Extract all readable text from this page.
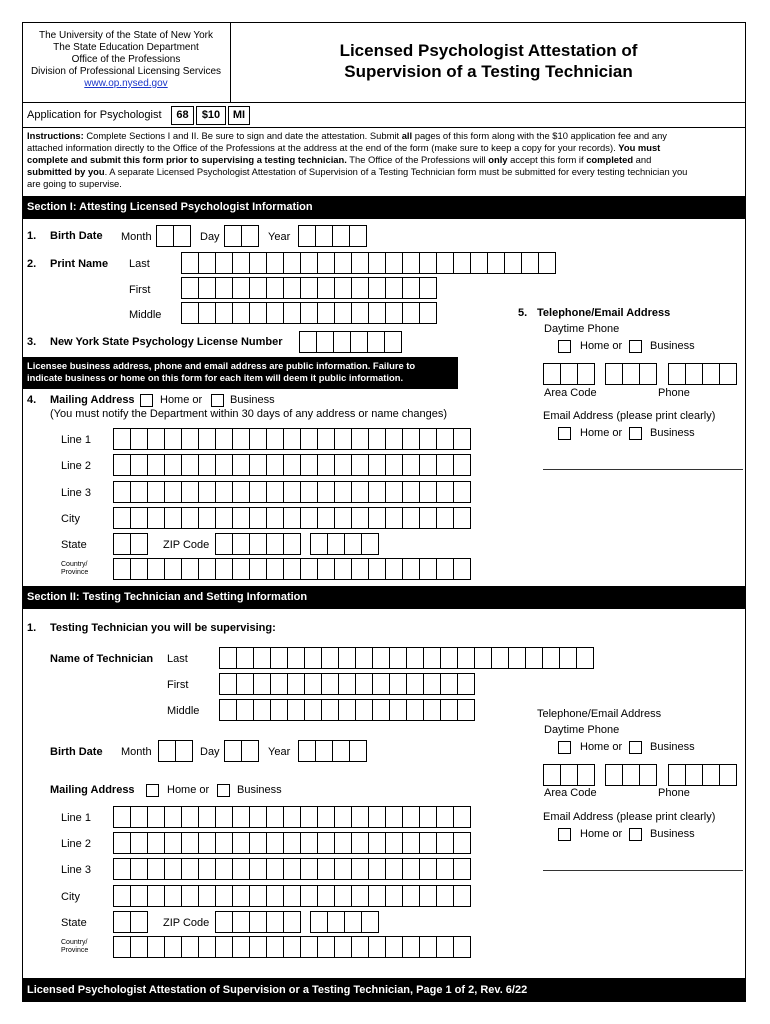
The University of the State of New York
The State Education Department
Office of the Professions
Division of Professional Licensing Services
www.op.nysed.gov
Licensed Psychologist Attestation of
Supervision of a Testing Technician
Application for Psychologist	68	$10	MI
Instructions: Complete Sections I and II. Be sure to sign and date the attestation. Submit all pages of this form along with the $10 application fee and any
attached information directly to the Office of the Professions at the address at the end of the form (make sure to keep a copy for your records). You must
complete and submit this form prior to supervising a testing technician. The Office of the Professions will only accept this form if completed and
submitted by you. A separate Licensed Psychologist Attestation of Supervision of a Testing Technician form must be submitted for every testing technician you
are going to supervise.
Section I: Attesting Licensed Psychologist Information
1. Birth Date Month	Day	Year
2. Print Name Last
First
Middle
3. New York State Psychology License Number
Licensee business address, phone and email address are public information. Failure to
indicate business or home on this form for each item will deem it public information.
4. Mailing Address Home or	Business
(You must notify the Department within 30 days of any address or name changes)
Line 1
Line 2
Line 3
City
State	ZIP Code
Country/
Province
5. Telephone/Email Address
Daytime Phone
Home or	Business
Area Code	Phone
Email Address (please print clearly)
Home or	Business
Section II: Testing Technician and Setting Information
1. Testing Technician you will be supervising:
Name of Technician Last
First
Middle
Birth Date Month	Day	Year
Mailing Address	Home or	Business
Line 1
Line 2
Line 3
City
State	ZIP Code
Country/
Province
Telephone/Email Address
Daytime Phone
Home or	Business
Area Code	Phone
Email Address (please print clearly)
Home or	Business
Licensed Psychologist Attestation of Supervision or a Testing Technician, Page 1 of 2, Rev. 6/22
